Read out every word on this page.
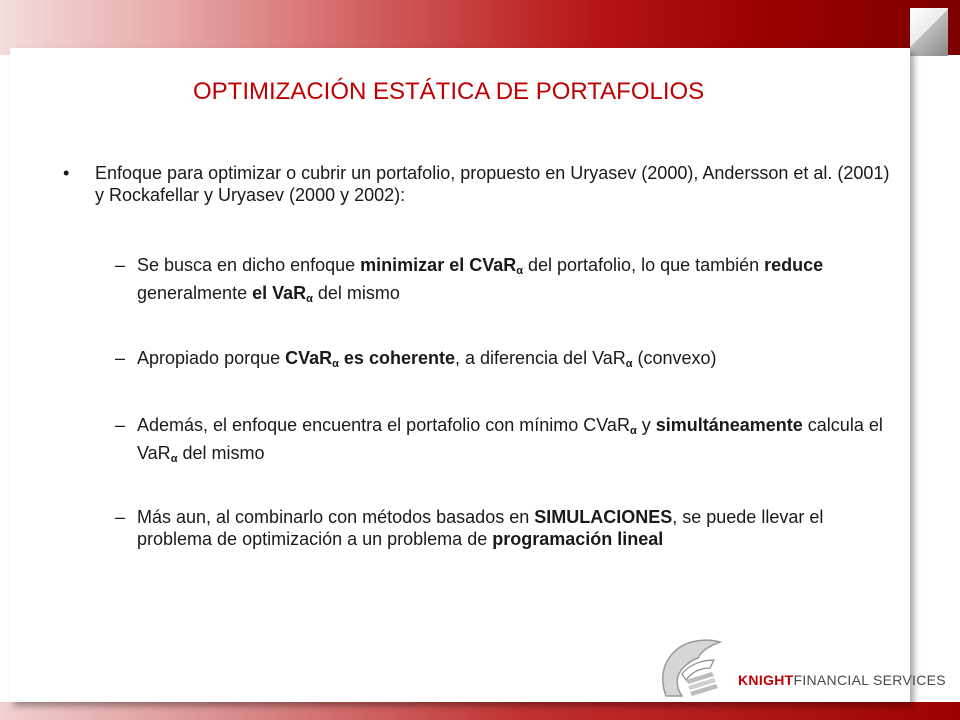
OPTIMIZACIÓN ESTÁTICA DE PORTAFOLIOS
• Enfoque para optimizar o cubrir un portafolio, propuesto en Uryasev (2000), Andersson et al. (2001) y Rockafellar y Uryasev (2000 y 2002):
– Se busca en dicho enfoque minimizar el CVaR$_\alpha$ del portafolio, lo que también reduce generalmente el VaR$_\alpha$ del mismo
– Apropiado porque CVaR$_\alpha$ es coherente, a diferencia del VaR$_\alpha$ (convexo)
– Además, el enfoque encuentra el portafolio con mínimo CVaR$_\alpha$ y simultáneamente calcula el VaR$_\alpha$ del mismo
– Más aun, al combinarlo con métodos basados en SIMULACIONES, se puede llevar el problema de optimización a un problema de programación lineal
KNIGHTFINANCIAL SERVICES
